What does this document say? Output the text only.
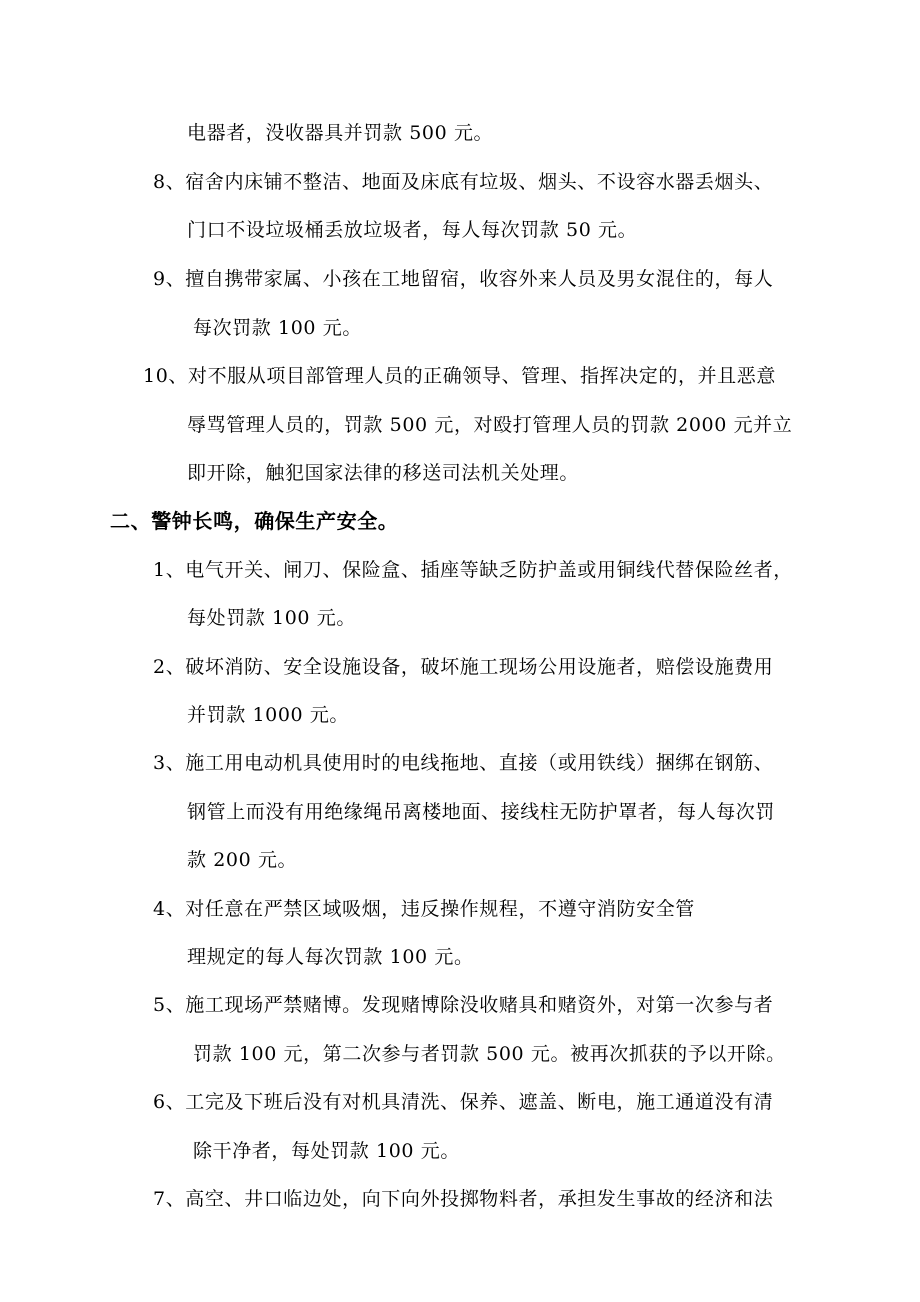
电器者，没收器具并罚款 500 元。
8、宿舍内床铺不整洁、地面及床底有垃圾、烟头、不设容水器丢烟头、
门口不设垃圾桶丢放垃圾者，每人每次罚款 50 元。
9、擅自携带家属、小孩在工地留宿，收容外来人员及男女混住的，每人
每次罚款 100 元。
10、对不服从项目部管理人员的正确领导、管理、指挥决定的，并且恶意
辱骂管理人员的，罚款 500 元，对殴打管理人员的罚款 2000 元并立
即开除，触犯国家法律的移送司法机关处理。
二、警钟长鸣，确保生产安全。
1、电气开关、闸刀、保险盒、插座等缺乏防护盖或用铜线代替保险丝者，
每处罚款 100 元。
2、破坏消防、安全设施设备，破坏施工现场公用设施者，赔偿设施费用
并罚款 1000 元。
3、施工用电动机具使用时的电线拖地、直接（或用铁线）捆绑在钢筋、
钢管上而没有用绝缘绳吊离楼地面、接线柱无防护罩者，每人每次罚
款 200 元。
4、对任意在严禁区域吸烟，违反操作规程，不遵守消防安全管
理规定的每人每次罚款 100 元。
5、施工现场严禁赌博。发现赌博除没收赌具和赌资外，对第一次参与者
罚款 100 元，第二次参与者罚款 500 元。被再次抓获的予以开除。
6、工完及下班后没有对机具清洗、保养、遮盖、断电，施工通道没有清
除干净者，每处罚款 100 元。
7、高空、井口临边处，向下向外投掷物料者，承担发生事故的经济和法
